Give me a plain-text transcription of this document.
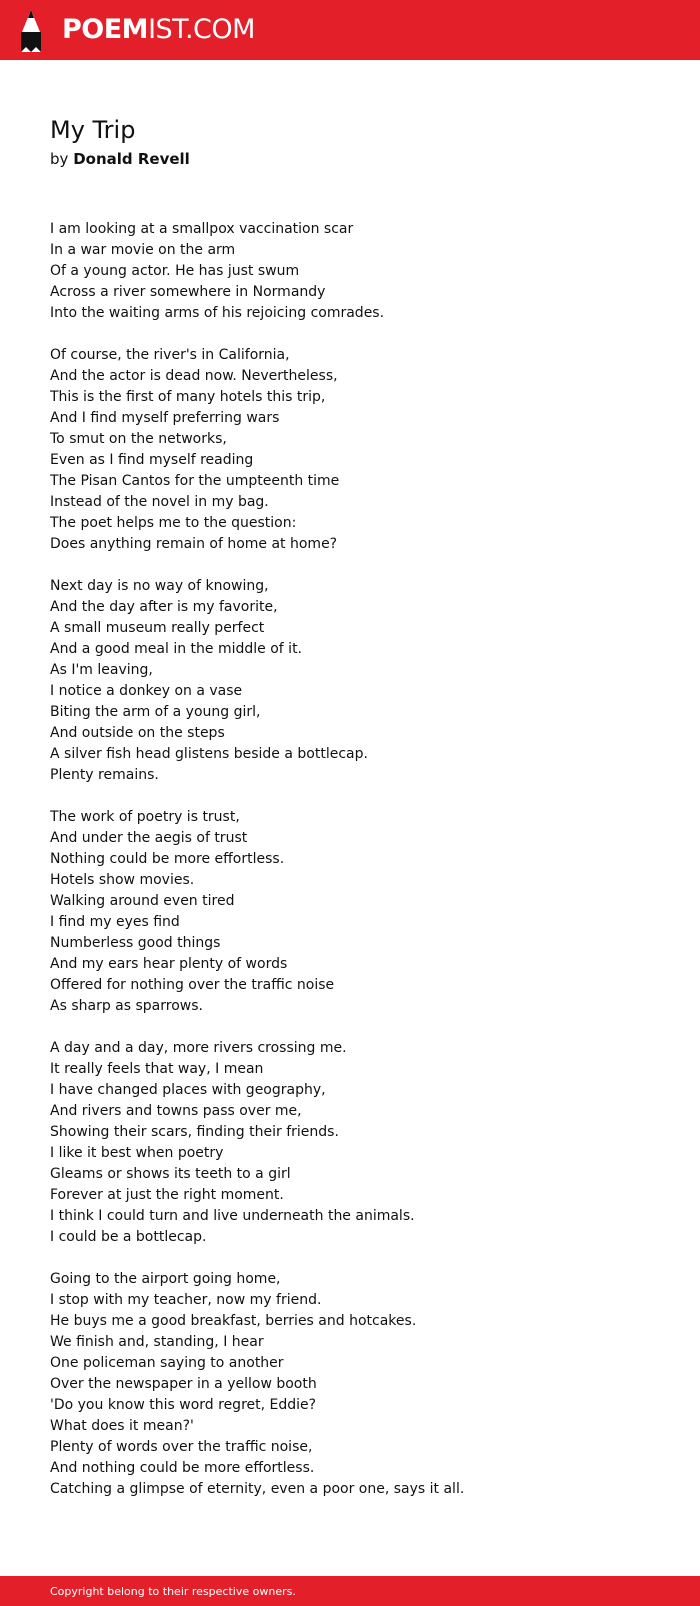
POEMIST.COM
My Trip
by Donald Revell
I am looking at a smallpox vaccination scar
In a war movie on the arm
Of a young actor. He has just swum
Across a river somewhere in Normandy
Into the waiting arms of his rejoicing comrades.
Of course, the river's in California,
And the actor is dead now. Nevertheless,
This is the first of many hotels this trip,
And I find myself preferring wars
To smut on the networks,
Even as I find myself reading
The Pisan Cantos for the umpteenth time
Instead of the novel in my bag.
The poet helps me to the question:
Does anything remain of home at home?
Next day is no way of knowing,
And the day after is my favorite,
A small museum really perfect
And a good meal in the middle of it.
As I'm leaving,
I notice a donkey on a vase
Biting the arm of a young girl,
And outside on the steps
A silver fish head glistens beside a bottlecap.
Plenty remains.
The work of poetry is trust,
And under the aegis of trust
Nothing could be more effortless.
Hotels show movies.
Walking around even tired
I find my eyes find
Numberless good things
And my ears hear plenty of words
Offered for nothing over the traffic noise
As sharp as sparrows.
A day and a day, more rivers crossing me.
It really feels that way, I mean
I have changed places with geography,
And rivers and towns pass over me,
Showing their scars, finding their friends.
I like it best when poetry
Gleams or shows its teeth to a girl
Forever at just the right moment.
I think I could turn and live underneath the animals.
I could be a bottlecap.
Going to the airport going home,
I stop with my teacher, now my friend.
He buys me a good breakfast, berries and hotcakes.
We finish and, standing, I hear
One policeman saying to another
Over the newspaper in a yellow booth
'Do you know this word regret, Eddie?
What does it mean?'
Plenty of words over the traffic noise,
And nothing could be more effortless.
Catching a glimpse of eternity, even a poor one, says it all.
Copyright belong to their respective owners.
